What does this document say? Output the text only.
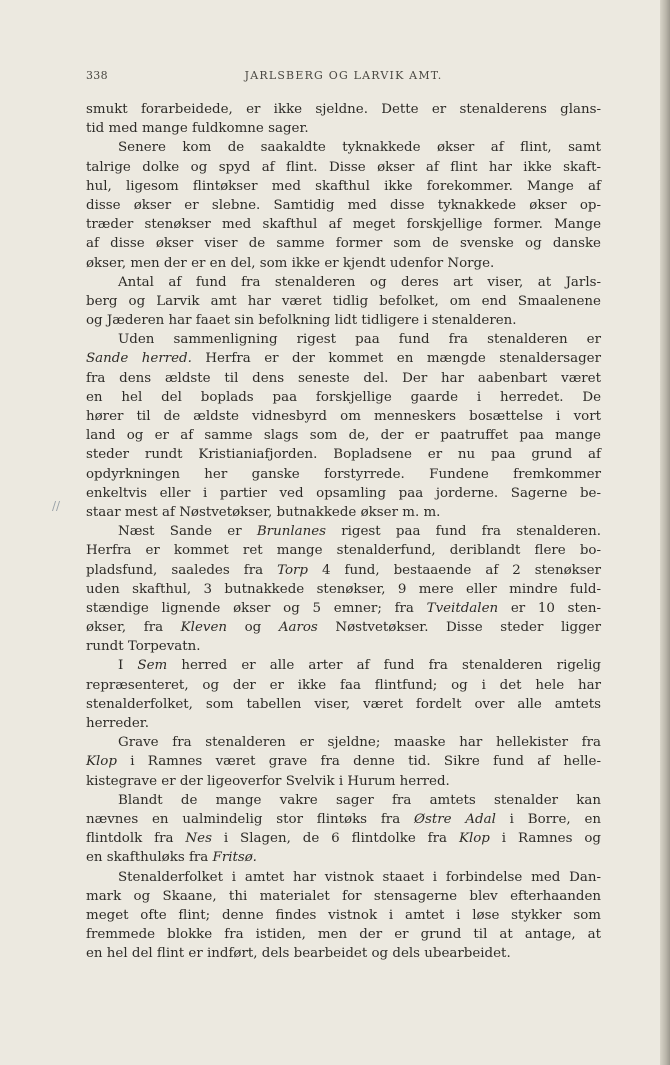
338	JARLSBERG OG LARVIK AMT.
//
smukt forarbeidede, er ikke sjeldne. Dette er stenalderens glans-
tid med mange fuldkomne sager.
Senere kom de saakaldte tyknakkede økser af flint, samt
talrige dolke og spyd af flint. Disse økser af flint har ikke skaft-
hul, ligesom flintøkser med skafthul ikke forekommer. Mange af
disse økser er slebne. Samtidig med disse tyknakkede økser op-
træder stenøkser med skafthul af meget forskjellige former. Mange
af disse økser viser de samme former som de svenske og danske
økser, men der er en del, som ikke er kjendt udenfor Norge.
Antal af fund fra stenalderen og deres art viser, at Jarls-
berg og Larvik amt har været tidlig befolket, om end Smaalenene
og Jæderen har faaet sin befolkning lidt tidligere i stenalderen.
Uden sammenligning rigest paa fund fra stenalderen er
Sande herred. Herfra er der kommet en mængde stenaldersager
fra dens ældste til dens seneste del. Der har aabenbart været
en hel del boplads paa forskjellige gaarde i herredet. De
hører til de ældste vidnesbyrd om menneskers bosættelse i vort
land og er af samme slags som de, der er paatruffet paa mange
steder rundt Kristianiafjorden. Bopladsene er nu paa grund af
opdyrkningen her ganske forstyrrede. Fundene fremkommer
enkeltvis eller i partier ved opsamling paa jorderne. Sagerne be-
staar mest af Nøstvetøkser, butnakkede økser m. m.
Næst Sande er Brunlanes rigest paa fund fra stenalderen.
Herfra er kommet ret mange stenalderfund, deriblandt flere bo-
pladsfund, saaledes fra Torp 4 fund, bestaaende af 2 stenøkser
uden skafthul, 3 butnakkede stenøkser, 9 mere eller mindre fuld-
stændige lignende økser og 5 emner; fra Tveitdalen er 10 sten-
økser, fra Kleven og Aaros Nøstvetøkser. Disse steder ligger
rundt Torpevatn.
I Sem herred er alle arter af fund fra stenalderen rigelig
repræsenteret, og der er ikke faa flintfund; og i det hele har
stenalderfolket, som tabellen viser, været fordelt over alle amtets
herreder.
Grave fra stenalderen er sjeldne; maaske har hellekister fra
Klop i Ramnes været grave fra denne tid. Sikre fund af helle-
kistegrave er der ligeoverfor Svelvik i Hurum herred.
Blandt de mange vakre sager fra amtets stenalder kan
nævnes en ualmindelig stor flintøks fra Østre Adal i Borre, en
flintdolk fra Nes i Slagen, de 6 flintdolke fra Klop i Ramnes og
en skafthuløks fra Fritsø.
Stenalderfolket i amtet har vistnok staaet i forbindelse med Dan-
mark og Skaane, thi materialet for stensagerne blev efterhaanden
meget ofte flint; denne findes vistnok i amtet i løse stykker som
fremmede blokke fra istiden, men der er grund til at antage, at
en hel del flint er indført, dels bearbeidet og dels ubearbeidet.
